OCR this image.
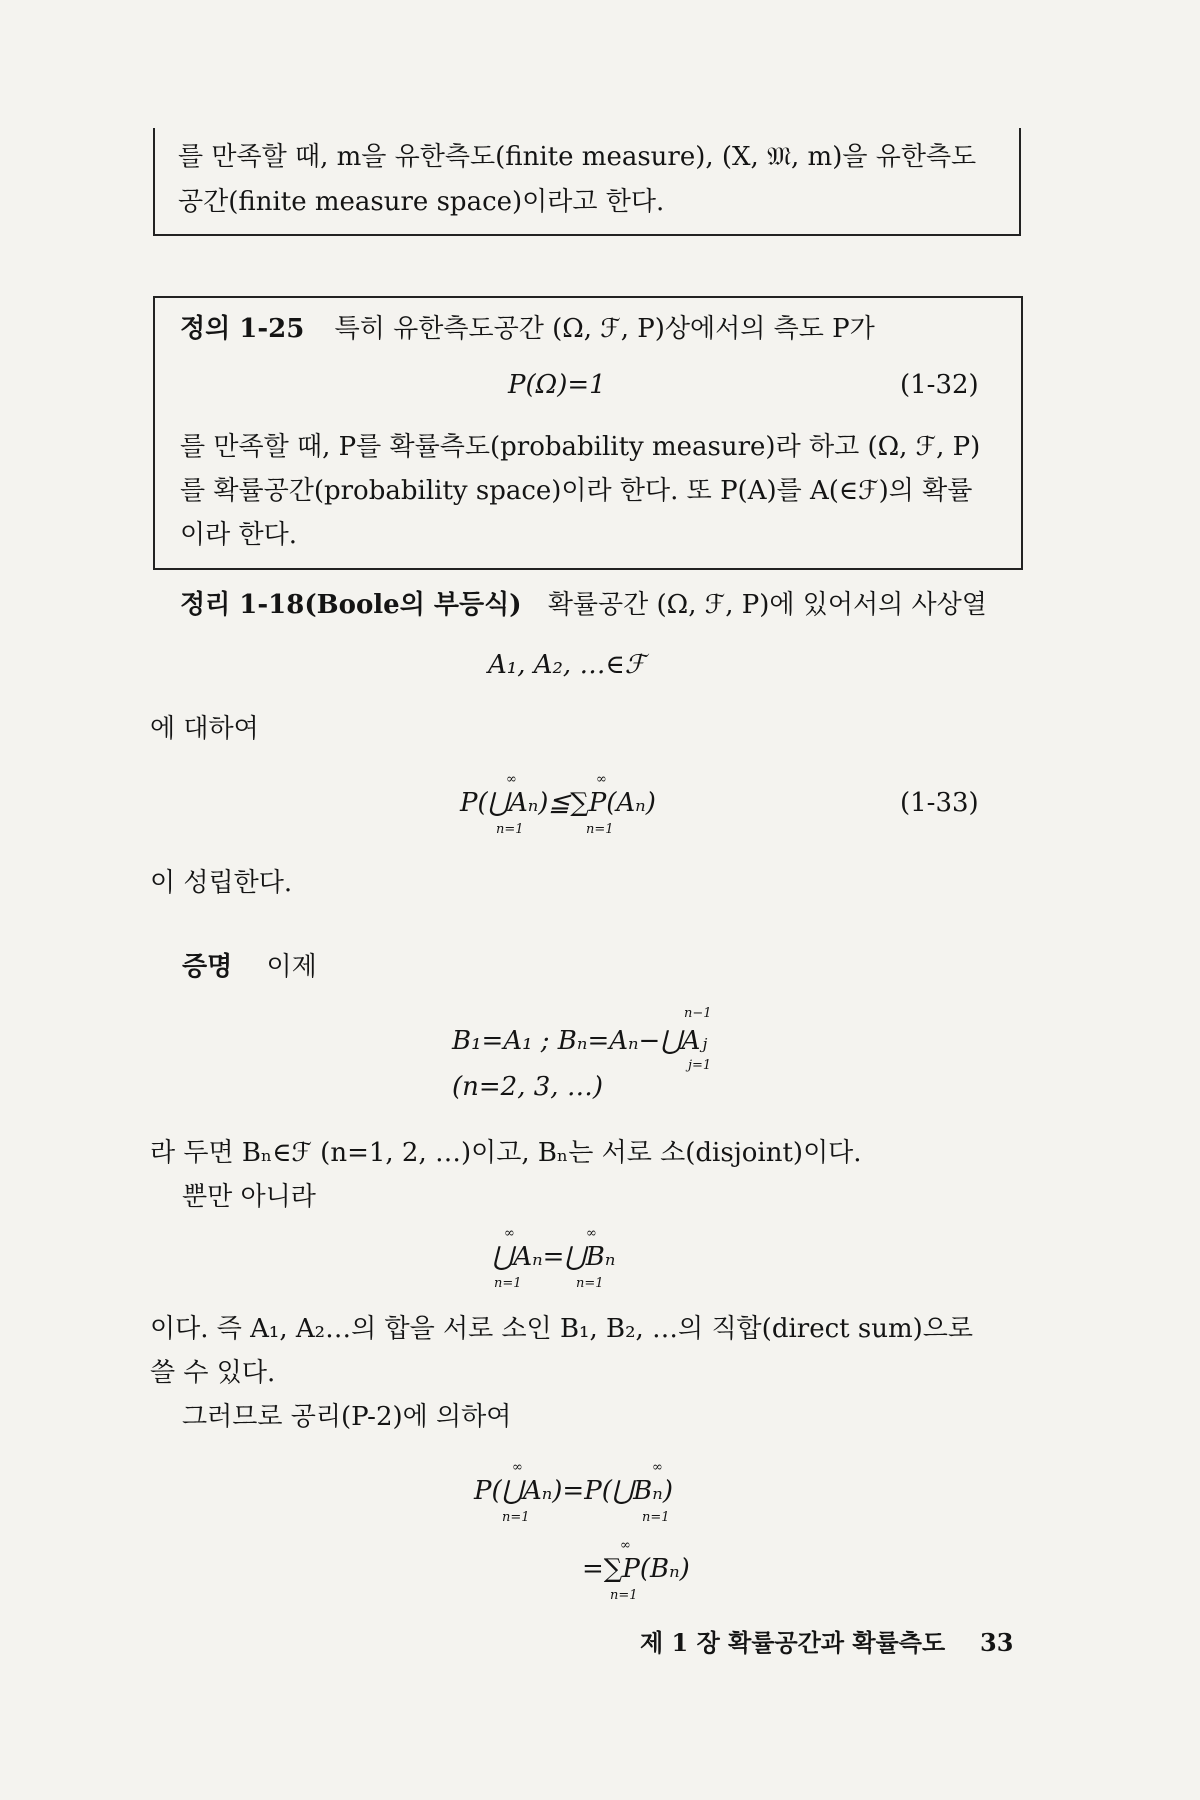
를 만족할 때, m을 유한측도(finite measure), (X, 𝔐, m)을 유한측도
공간(finite measure space)이라고 한다.
정의 1-25 특히 유한측도공간 (Ω, ℱ, P)상에서의 측도 P가
P(Ω)=1	(1-32)
를 만족할 때, P를 확률측도(probability measure)라 하고 (Ω, ℱ, P)
를 확률공간(probability space)이라 한다. 또 P(A)를 A(∈ℱ)의 확률
이라 한다.
정리 1-18(Boole의 부등식) 확률공간 (Ω, ℱ, P)에 있어서의 사상열
A₁, A₂, …∈ℱ
에 대하여
P(⋃Aₙ)≦∑P(Aₙ)
∞
n=1
∞
n=1
(1-33)
이 성립한다.
증명 이제
n−1
B₁=A₁ ; Bₙ=Aₙ−⋃Aⱼ
j=1
(n=2, 3, …)
라 두면 Bₙ∈ℱ (n=1, 2, …)이고, Bₙ는 서로 소(disjoint)이다.
뿐만 아니라
∞	∞
⋃Aₙ=⋃Bₙ
n=1	n=1
이다. 즉 A₁, A₂…의 합을 서로 소인 B₁, B₂, …의 직합(direct sum)으로
쓸 수 있다.
그러므로 공리(P-2)에 의하여
∞	∞
P(⋃Aₙ)=P(⋃Bₙ)
n=1	n=1
∞
=∑P(Bₙ)
n=1
제 1 장 확률공간과 확률측도 33
